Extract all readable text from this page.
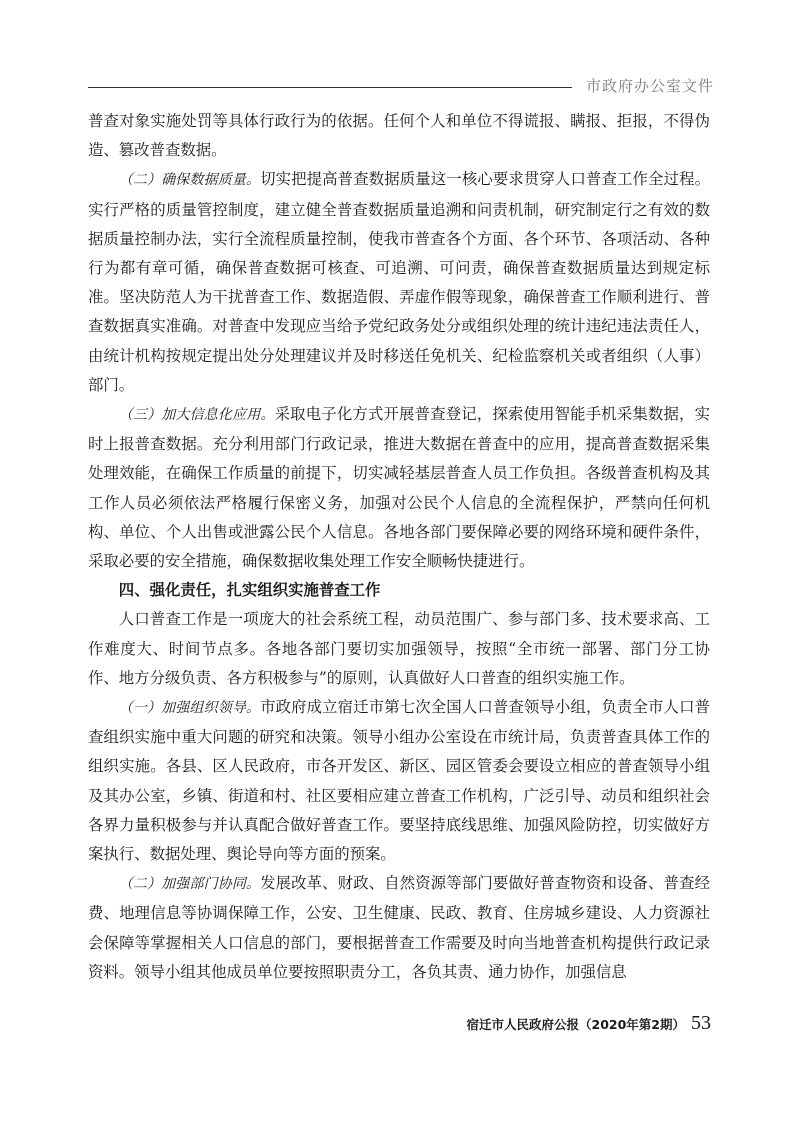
市政府办公室文件

普查对象实施处罚等具体行政行为的依据。任何个人和单位不得谎报、瞒报、拒报，不得伪造、篡改普查数据。

（二）确保数据质量。切实把提高普查数据质量这一核心要求贯穿人口普查工作全过程。实行严格的质量管控制度，建立健全普查数据质量追溯和问责机制，研究制定行之有效的数据质量控制办法，实行全流程质量控制，使我市普查各个方面、各个环节、各项活动、各种行为都有章可循，确保普查数据可核查、可追溯、可问责，确保普查数据质量达到规定标准。坚决防范人为干扰普查工作、数据造假、弄虚作假等现象，确保普查工作顺利进行、普查数据真实准确。对普查中发现应当给予党纪政务处分或组织处理的统计违纪违法责任人，由统计机构按规定提出处分处理建议并及时移送任免机关、纪检监察机关或者组织（人事）部门。

（三）加大信息化应用。采取电子化方式开展普查登记，探索使用智能手机采集数据，实时上报普查数据。充分利用部门行政记录，推进大数据在普查中的应用，提高普查数据采集处理效能，在确保工作质量的前提下，切实减轻基层普查人员工作负担。各级普查机构及其工作人员必须依法严格履行保密义务，加强对公民个人信息的全流程保护，严禁向任何机构、单位、个人出售或泄露公民个人信息。各地各部门要保障必要的网络环境和硬件条件，采取必要的安全措施，确保数据收集处理工作安全顺畅快捷进行。

四、强化责任，扎实组织实施普查工作

人口普查工作是一项庞大的社会系统工程，动员范围广、参与部门多、技术要求高、工作难度大、时间节点多。各地各部门要切实加强领导，按照“全市统一部署、部门分工协作、地方分级负责、各方积极参与”的原则，认真做好人口普查的组织实施工作。

（一）加强组织领导。市政府成立宿迁市第七次全国人口普查领导小组，负责全市人口普查组织实施中重大问题的研究和决策。领导小组办公室设在市统计局，负责普查具体工作的组织实施。各县、区人民政府，市各开发区、新区、园区管委会要设立相应的普查领导小组及其办公室，乡镇、街道和村、社区要相应建立普查工作机构，广泛引导、动员和组织社会各界力量积极参与并认真配合做好普查工作。要坚持底线思维、加强风险防控，切实做好方案执行、数据处理、舆论导向等方面的预案。

（二）加强部门协同。发展改革、财政、自然资源等部门要做好普查物资和设备、普查经费、地理信息等协调保障工作，公安、卫生健康、民政、教育、住房城乡建设、人力资源社会保障等掌握相关人口信息的部门，要根据普查工作需要及时向当地普查机构提供行政记录资料。领导小组其他成员单位要按照职责分工，各负其责、通力协作，加强信息

宿迁市人民政府公报（2020年第2期） 53
